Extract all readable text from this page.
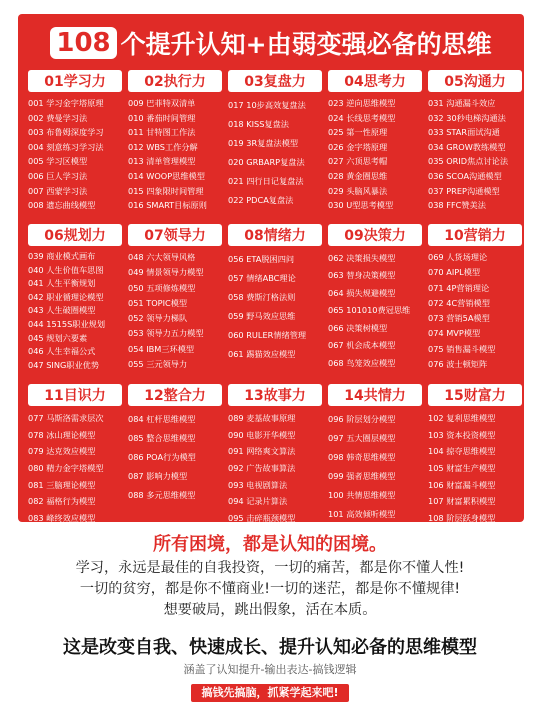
108 个提升认知+由弱变强必备的思维
01学习力
001 学习金字塔原理
002 费曼学习法
003 布鲁姆深度学习
004 刻意练习学习法
005 学习区模型
006 巨人学习法
007 西蒙学习法
008 遗忘曲线模型
02执行力
009 巴菲特双清单
010 番茄时间管理
011 甘特图工作法
012 WBS工作分解
013 清单管理模型
014 WOOP思维模型
015 四象限时间管理
016 SMART目标原则
03复盘力
017 10步高效复盘法
018 KISS复盘法
019 3R复盘法模型
020 GRBARP复盘法
021 四行日记复盘法
022 PDCA复盘法
04思考力
023 逆向思维模型
024 长线思考模型
025 第一性原理
026 金字塔原理
027 六顶思考帽
028 黄金圈思维
029 头脑风暴法
030 U型思考模型
05沟通力
031 沟通漏斗效应
032 30秒电梯沟通法
033 STAR面试沟通
034 GROW教练模型
035 ORID焦点讨论法
036 SCOA沟通模型
037 PREP沟通模型
038 FFC赞美法
06规划力
039 商业模式画布
040 人生价值车思图
041 人生平衡规划
042 职业循理论模型
043 人生破圈模型
044 1515S职业规划
045 规划六要素
046 人生幸福公式
047 SING职业优势
07领导力
048 六大领导风格
049 情景领导力模型
050 五项修炼模型
051 TOPIC模型
052 领导力梯队
053 领导力五力模型
054 IBM三环模型
055 三元领导力
08情绪力
056 ETA脱困四问
057 情绪ABC理论
058 费斯汀格法则
059 野马效应思维
060 RULER情绪管理
061 踢猫效应模型
09决策力
062 决策损失模型
063 替身决策模型
064 损失规避模型
065 101010费冠思维
066 决策树模型
067 机会成本模型
068 鸟笼效应模型
10营销力
069 人货场理论
070 AIPL模型
071 4P营销理论
072 4C营销模型
073 营销5A模型
074 MVP模型
075 销售漏斗模型
076 波士顿矩阵
11目识力
077 马斯洛需求层次
078 冰山理论模型
079 达克效应模型
080 精力金字塔模型
081 三脑理论模型
082 福格行为模型
083 峰终效应模型
12整合力
084 杠杆思维模型
085 整合思维模型
086 POA行为模型
087 影响力模型
088 多元思维模型
13故事力
089 麦基故事原理
090 电影开华模型
091 网络爽文算法
092 广告故事算法
093 电视剧算法
094 记录片算法
095 击碎瓶颈模型
14共情力
096 阶层划分模型
097 五大圈层模型
098 韩奇思维模型
099 强者思维模型
100 共情思维模型
101 高效倾听模型
15财富力
102 复利思维模型
103 资本投资模型
104 掠夺思维模型
105 财富生产模型
106 财富漏斗模型
107 财富累积模型
108 阶层跃身模型
所有困境，都是认知的困境。
学习，永远是最佳的自我投资，一切的痛苦，都是你不懂人性!
一切的贫穷，都是你不懂商业!一切的迷茫，都是你不懂规律!
想要破局，跳出假象，活在本质。
这是改变自我、快速成长、提升认知必备的思维模型
涵盖了认知提升-输出表达-搞钱逻辑
搞钱先搞脑，抓紧学起来吧!
